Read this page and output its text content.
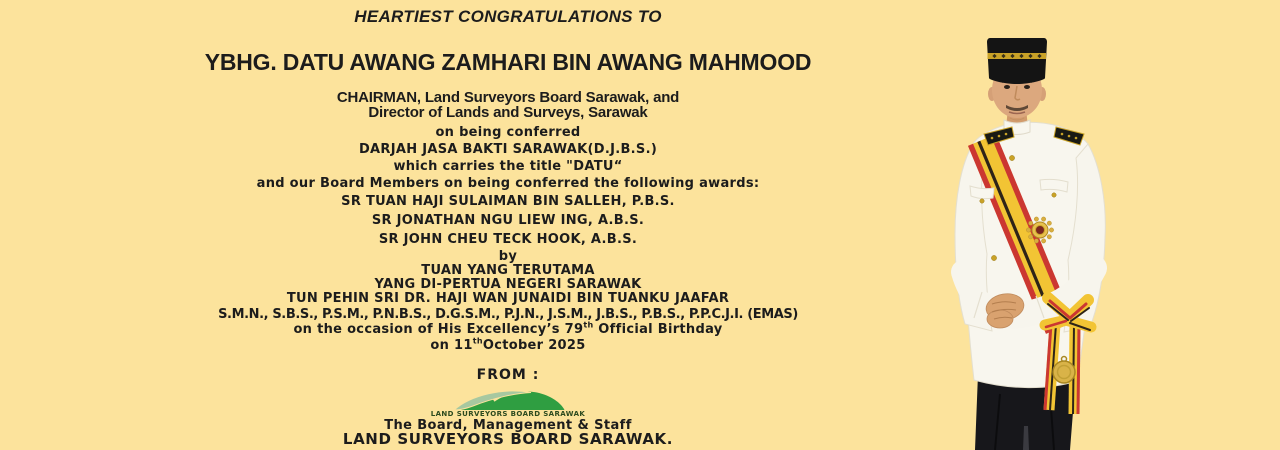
HEARTIEST CONGRATULATIONS TO
YBHG. DATU AWANG ZAMHARI BIN AWANG MAHMOOD
CHAIRMAN, Land Surveyors Board Sarawak, and
Director of Lands and Surveys, Sarawak
on being conferred
DARJAH JASA BAKTI SARAWAK(D.J.B.S.)
which carries the title "DATU“
and our Board Members on being conferred the following awards:
SR TUAN HAJI SULAIMAN BIN SALLEH, P.B.S.
SR JONATHAN NGU LIEW ING, A.B.S.
SR JOHN CHEU TECK HOOK, A.B.S.
by
TUAN YANG TERUTAMA
YANG DI-PERTUA NEGERI SARAWAK
TUN PEHIN SRI DR. HAJI WAN JUNAIDI BIN TUANKU JAAFAR
S.M.N., S.B.S., P.S.M., P.N.B.S., D.G.S.M., P.J.N., J.S.M., J.B.S., P.B.S., P.P.C.J.I. (EMAS)
on the occasion of His Excellency’s 79th Official Birthday
on 11thOctober 2025
FROM :
LAND SURVEYORS BOARD SARAWAK
The Board, Management & Staff
LAND SURVEYORS BOARD SARAWAK.
